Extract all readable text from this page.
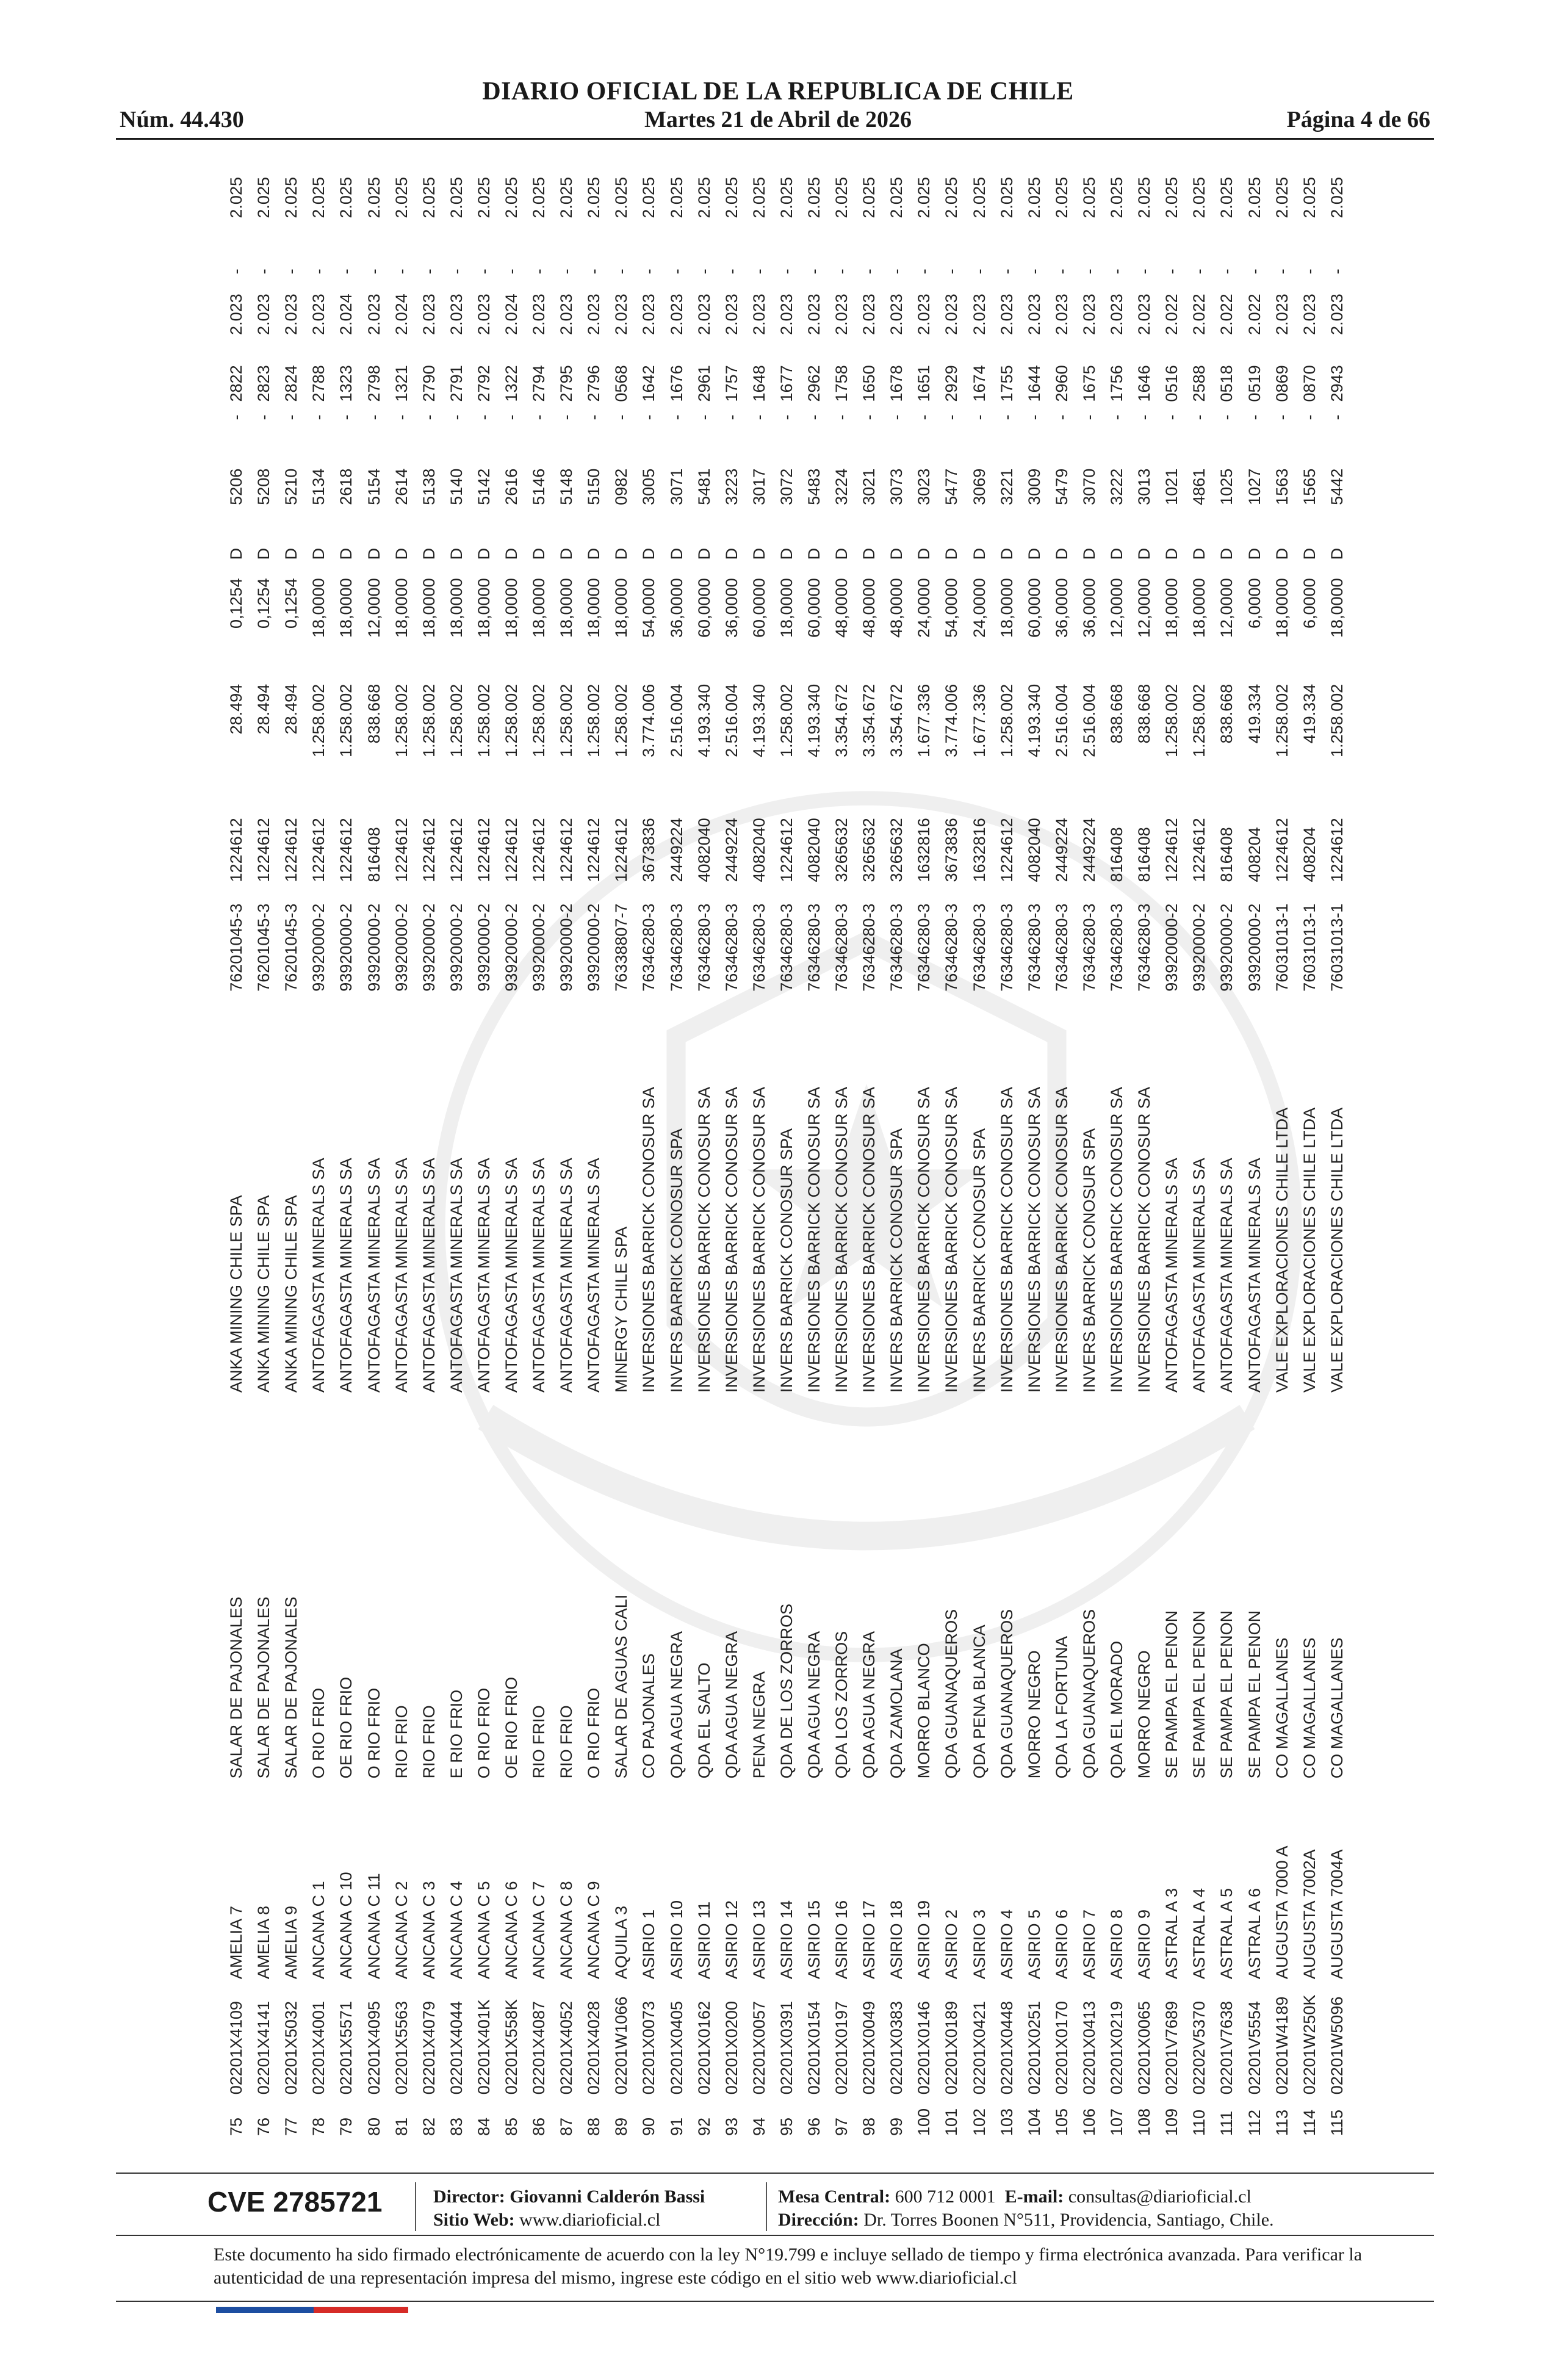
DIARIO OFICIAL DE LA REPUBLICA DE CHILE
Martes 21 de Abril de 2026
Núm. 44.430	Página 4 de 66
75
02201X4109
AMELIA 7
SALAR DE PAJONALES
ANKA MINING CHILE SPA
76201045-3
1224612
28.494
0,1254
D
5206
-
2822
2.023
-
2.025
76
02201X4141
AMELIA 8
SALAR DE PAJONALES
ANKA MINING CHILE SPA
76201045-3
1224612
28.494
0,1254
D
5208
-
2823
2.023
-
2.025
77
02201X5032
AMELIA 9
SALAR DE PAJONALES
ANKA MINING CHILE SPA
76201045-3
1224612
28.494
0,1254
D
5210
-
2824
2.023
-
2.025
78
02201X4001
ANCANA C 1
O RIO FRIO
ANTOFAGASTA MINERALS SA
93920000-2
1224612
1.258.002
18,0000
D
5134
-
2788
2.023
-
2.025
79
02201X5571
ANCANA C 10
OE RIO FRIO
ANTOFAGASTA MINERALS SA
93920000-2
1224612
1.258.002
18,0000
D
2618
-
1323
2.024
-
2.025
80
02201X4095
ANCANA C 11
O RIO FRIO
ANTOFAGASTA MINERALS SA
93920000-2
816408
838.668
12,0000
D
5154
-
2798
2.023
-
2.025
81
02201X5563
ANCANA C 2
RIO FRIO
ANTOFAGASTA MINERALS SA
93920000-2
1224612
1.258.002
18,0000
D
2614
-
1321
2.024
-
2.025
82
02201X4079
ANCANA C 3
RIO FRIO
ANTOFAGASTA MINERALS SA
93920000-2
1224612
1.258.002
18,0000
D
5138
-
2790
2.023
-
2.025
83
02201X4044
ANCANA C 4
E RIO FRIO
ANTOFAGASTA MINERALS SA
93920000-2
1224612
1.258.002
18,0000
D
5140
-
2791
2.023
-
2.025
84
02201X401K
ANCANA C 5
O RIO FRIO
ANTOFAGASTA MINERALS SA
93920000-2
1224612
1.258.002
18,0000
D
5142
-
2792
2.023
-
2.025
85
02201X558K
ANCANA C 6
OE RIO FRIO
ANTOFAGASTA MINERALS SA
93920000-2
1224612
1.258.002
18,0000
D
2616
-
1322
2.024
-
2.025
86
02201X4087
ANCANA C 7
RIO FRIO
ANTOFAGASTA MINERALS SA
93920000-2
1224612
1.258.002
18,0000
D
5146
-
2794
2.023
-
2.025
87
02201X4052
ANCANA C 8
RIO FRIO
ANTOFAGASTA MINERALS SA
93920000-2
1224612
1.258.002
18,0000
D
5148
-
2795
2.023
-
2.025
88
02201X4028
ANCANA C 9
O RIO FRIO
ANTOFAGASTA MINERALS SA
93920000-2
1224612
1.258.002
18,0000
D
5150
-
2796
2.023
-
2.025
89
02201W1066
AQUILA 3
SALAR DE AGUAS CALI
MINERGY CHILE SPA
76338807-7
1224612
1.258.002
18,0000
D
0982
-
0568
2.023
-
2.025
90
02201X0073
ASIRIO 1
CO PAJONALES
INVERSIONES BARRICK CONOSUR SA
76346280-3
3673836
3.774.006
54,0000
D
3005
-
1642
2.023
-
2.025
91
02201X0405
ASIRIO 10
QDA AGUA NEGRA
INVERS BARRICK CONOSUR SPA
76346280-3
2449224
2.516.004
36,0000
D
3071
-
1676
2.023
-
2.025
92
02201X0162
ASIRIO 11
QDA EL SALTO
INVERSIONES BARRICK CONOSUR SA
76346280-3
4082040
4.193.340
60,0000
D
5481
-
2961
2.023
-
2.025
93
02201X0200
ASIRIO 12
QDA AGUA NEGRA
INVERSIONES BARRICK CONOSUR SA
76346280-3
2449224
2.516.004
36,0000
D
3223
-
1757
2.023
-
2.025
94
02201X0057
ASIRIO 13
PENA NEGRA
INVERSIONES BARRICK CONOSUR SA
76346280-3
4082040
4.193.340
60,0000
D
3017
-
1648
2.023
-
2.025
95
02201X0391
ASIRIO 14
QDA DE LOS ZORROS
INVERS BARRICK CONOSUR SPA
76346280-3
1224612
1.258.002
18,0000
D
3072
-
1677
2.023
-
2.025
96
02201X0154
ASIRIO 15
QDA AGUA NEGRA
INVERSIONES BARRICK CONOSUR SA
76346280-3
4082040
4.193.340
60,0000
D
5483
-
2962
2.023
-
2.025
97
02201X0197
ASIRIO 16
QDA LOS ZORROS
INVERSIONES BARRICK CONOSUR SA
76346280-3
3265632
3.354.672
48,0000
D
3224
-
1758
2.023
-
2.025
98
02201X0049
ASIRIO 17
QDA AGUA NEGRA
INVERSIONES BARRICK CONOSUR SA
76346280-3
3265632
3.354.672
48,0000
D
3021
-
1650
2.023
-
2.025
99
02201X0383
ASIRIO 18
QDA ZAMOLANA
INVERS BARRICK CONOSUR SPA
76346280-3
3265632
3.354.672
48,0000
D
3073
-
1678
2.023
-
2.025
100
02201X0146
ASIRIO 19
MORRO BLANCO
INVERSIONES BARRICK CONOSUR SA
76346280-3
1632816
1.677.336
24,0000
D
3023
-
1651
2.023
-
2.025
101
02201X0189
ASIRIO 2
QDA GUANAQUEROS
INVERSIONES BARRICK CONOSUR SA
76346280-3
3673836
3.774.006
54,0000
D
5477
-
2929
2.023
-
2.025
102
02201X0421
ASIRIO 3
QDA PENA BLANCA
INVERS BARRICK CONOSUR SPA
76346280-3
1632816
1.677.336
24,0000
D
3069
-
1674
2.023
-
2.025
103
02201X0448
ASIRIO 4
QDA GUANAQUEROS
INVERSIONES BARRICK CONOSUR SA
76346280-3
1224612
1.258.002
18,0000
D
3221
-
1755
2.023
-
2.025
104
02201X0251
ASIRIO 5
MORRO NEGRO
INVERSIONES BARRICK CONOSUR SA
76346280-3
4082040
4.193.340
60,0000
D
3009
-
1644
2.023
-
2.025
105
02201X0170
ASIRIO 6
QDA LA FORTUNA
INVERSIONES BARRICK CONOSUR SA
76346280-3
2449224
2.516.004
36,0000
D
5479
-
2960
2.023
-
2.025
106
02201X0413
ASIRIO 7
QDA GUANAQUEROS
INVERS BARRICK CONOSUR SPA
76346280-3
2449224
2.516.004
36,0000
D
3070
-
1675
2.023
-
2.025
107
02201X0219
ASIRIO 8
QDA EL MORADO
INVERSIONES BARRICK CONOSUR SA
76346280-3
816408
838.668
12,0000
D
3222
-
1756
2.023
-
2.025
108
02201X0065
ASIRIO 9
MORRO NEGRO
INVERSIONES BARRICK CONOSUR SA
76346280-3
816408
838.668
12,0000
D
3013
-
1646
2.023
-
2.025
109
02201V7689
ASTRAL A 3
SE PAMPA EL PENON
ANTOFAGASTA MINERALS SA
93920000-2
1224612
1.258.002
18,0000
D
1021
-
0516
2.022
-
2.025
110
02202V5370
ASTRAL A 4
SE PAMPA EL PENON
ANTOFAGASTA MINERALS SA
93920000-2
1224612
1.258.002
18,0000
D
4861
-
2588
2.022
-
2.025
111
02201V7638
ASTRAL A 5
SE PAMPA EL PENON
ANTOFAGASTA MINERALS SA
93920000-2
816408
838.668
12,0000
D
1025
-
0518
2.022
-
2.025
112
02201V5554
ASTRAL A 6
SE PAMPA EL PENON
ANTOFAGASTA MINERALS SA
93920000-2
408204
419.334
6,0000
D
1027
-
0519
2.022
-
2.025
113
02201W4189
AUGUSTA 7000 A
CO MAGALLANES
VALE EXPLORACIONES CHILE LTDA
76031013-1
1224612
1.258.002
18,0000
D
1563
-
0869
2.023
-
2.025
114
02201W250K
AUGUSTA 7002A
CO MAGALLANES
VALE EXPLORACIONES CHILE LTDA
76031013-1
408204
419.334
6,0000
D
1565
-
0870
2.023
-
2.025
115
02201W5096
AUGUSTA 7004A
CO MAGALLANES
VALE EXPLORACIONES CHILE LTDA
76031013-1
1224612
1.258.002
18,0000
D
5442
-
2943
2.023
-
2.025
CVE 2785721	Director: Giovanni Calderón Bassi
Sitio Web: www.diarioficial.cl
Mesa Central: 600 712 0001 E-mail: consultas@diarioficial.cl
Dirección: Dr. Torres Boonen N°511, Providencia, Santiago, Chile.
Este documento ha sido firmado electrónicamente de acuerdo con la ley N°19.799 e incluye sellado de tiempo y firma electrónica avanzada. Para verificar la autenticidad de una representación impresa del mismo, ingrese este código en el sitio web www.diarioficial.cl
